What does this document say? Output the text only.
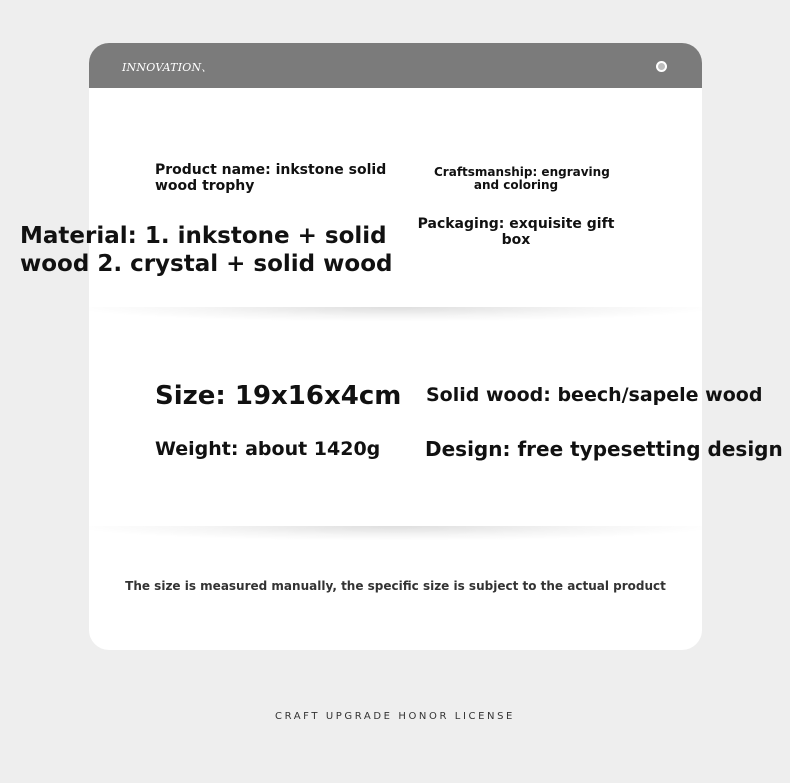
INNOVATION、
Product name: inkstone solid
wood trophy
Craftsmanship: engraving
and coloring
Material: 1. inkstone + solid
wood 2. crystal + solid wood
Packaging: exquisite gift
box
Size: 19x16x4cm Solid wood: beech/sapele wood
Weight: about 1420g Design: free typesetting design
The size is measured manually, the specific size is subject to the actual product
CRAFT UPGRADE HONOR LICENSE
